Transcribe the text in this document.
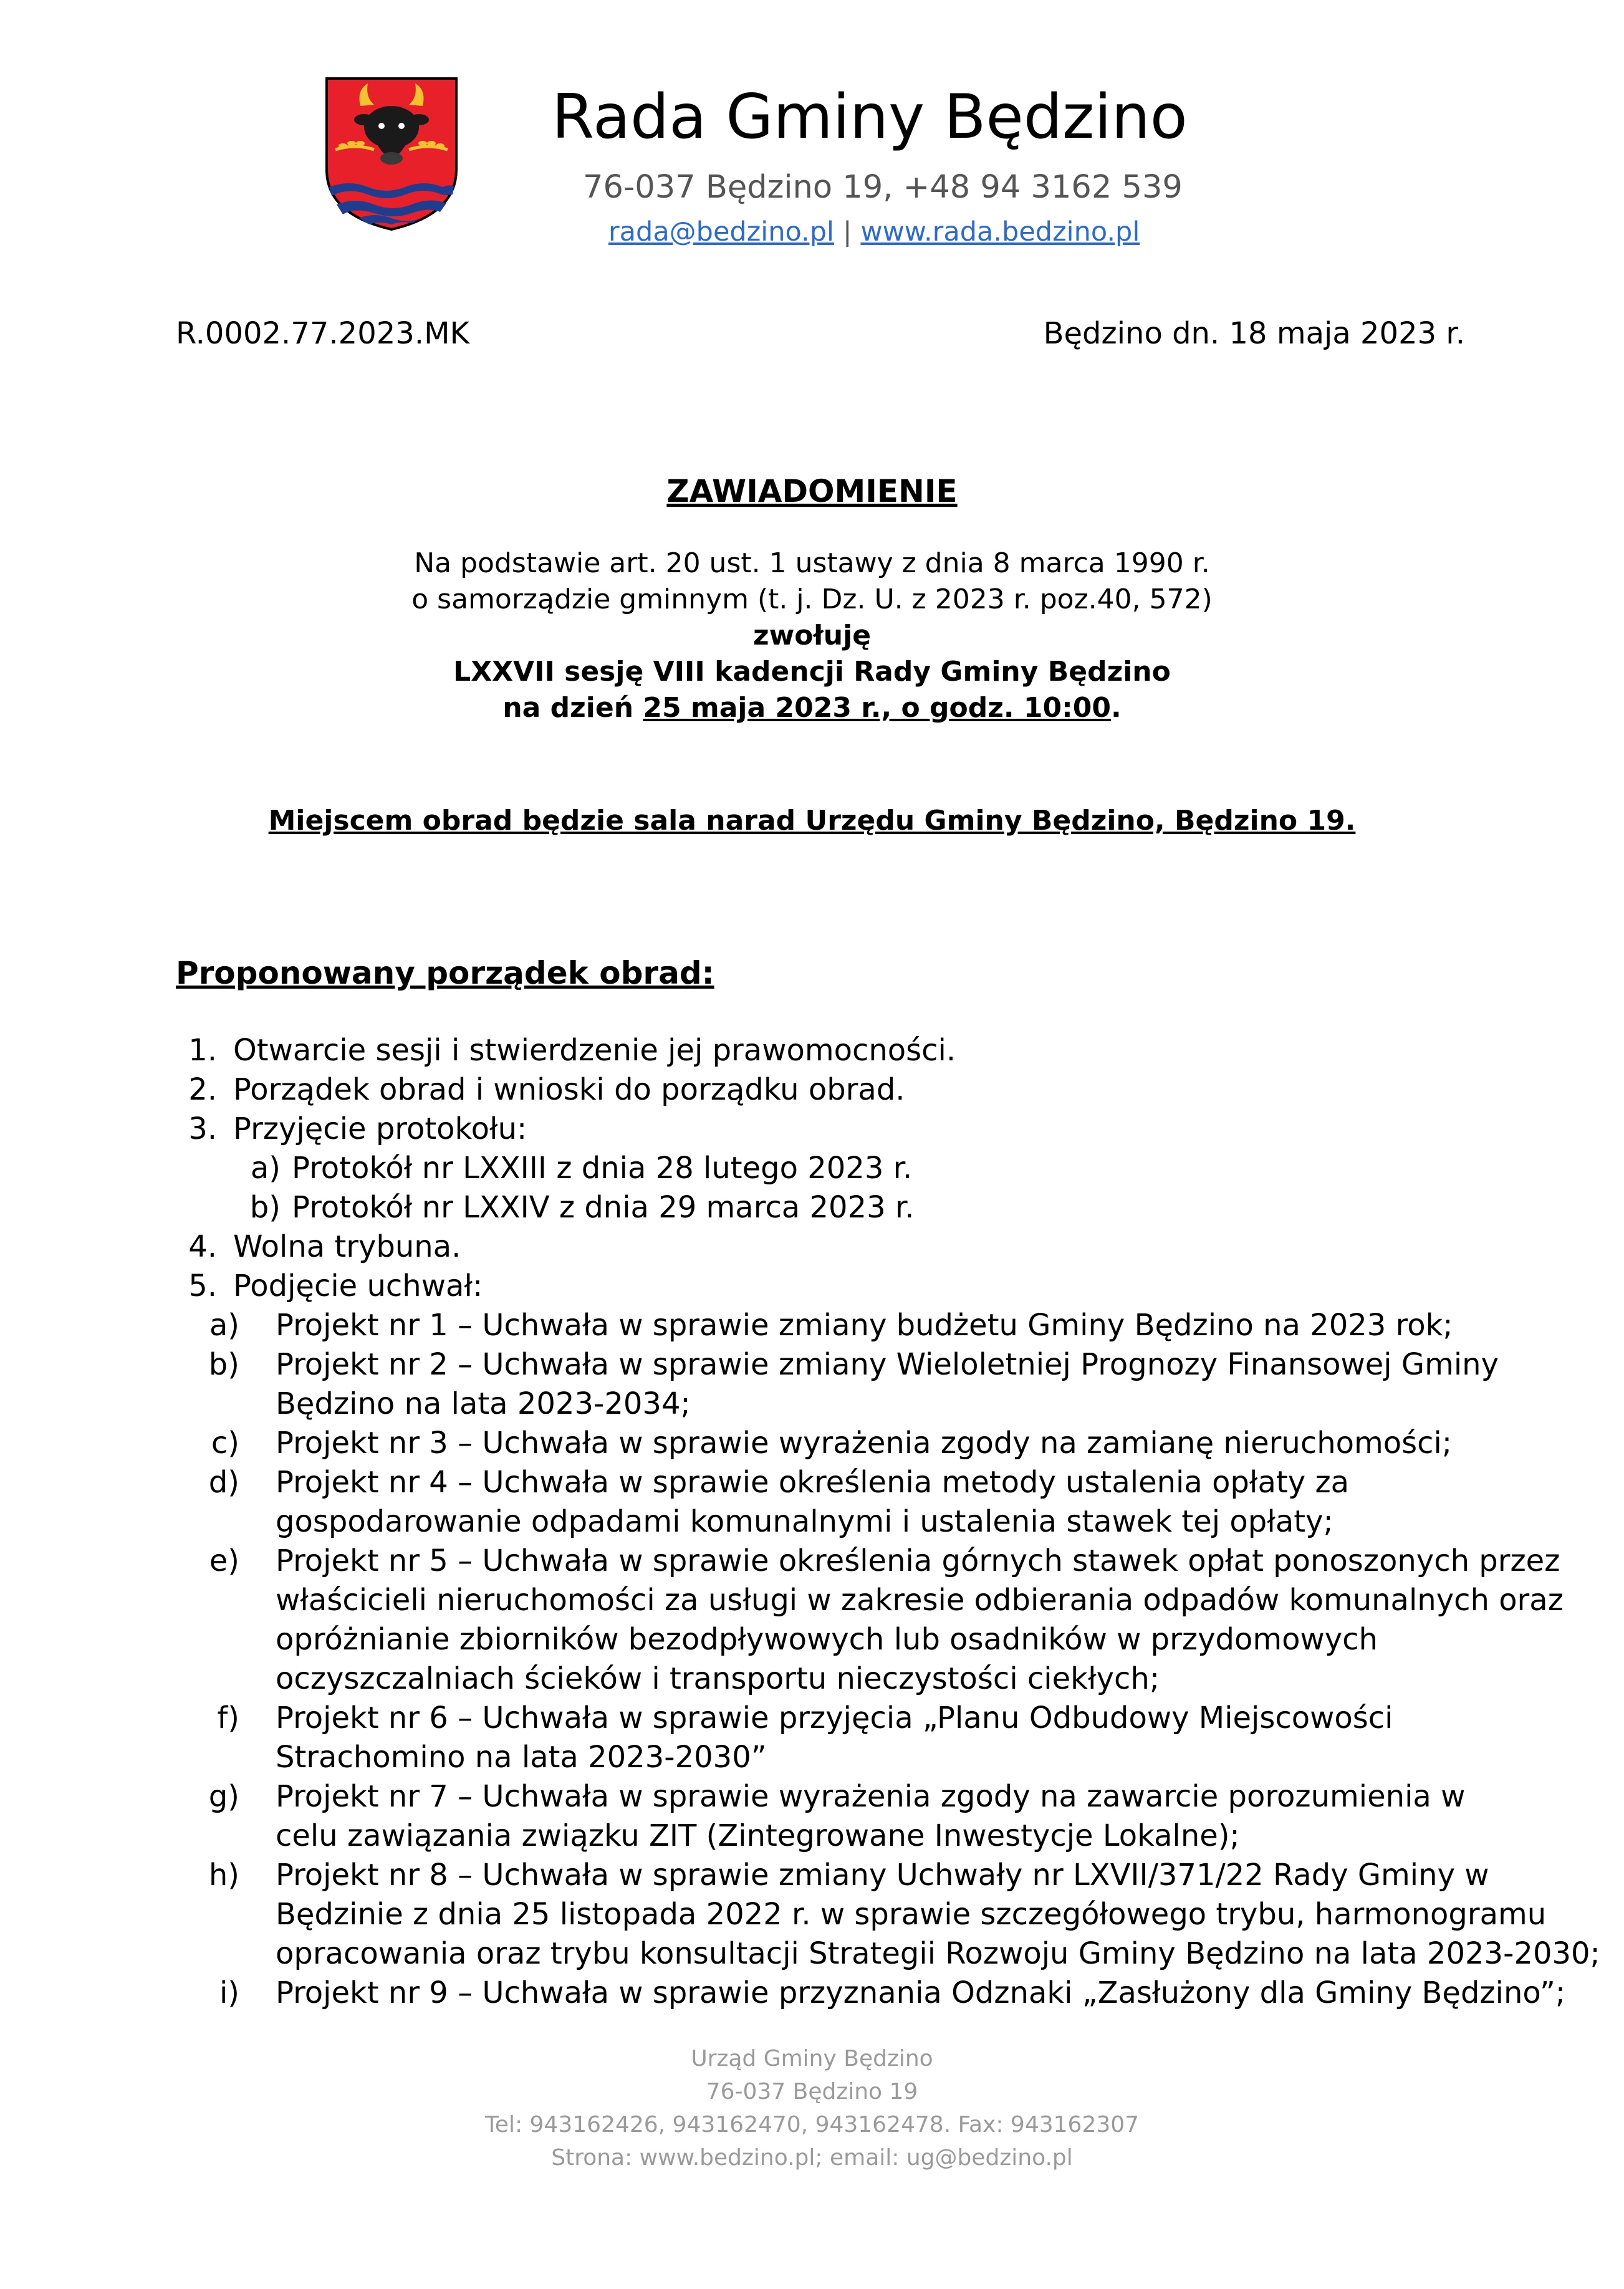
Rada Gminy Będzino
76-037 Będzino 19, +48 94 3162 539
rada@bedzino.pl | www.rada.bedzino.pl
R.0002.77.2023.MK	Będzino dn. 18 maja 2023 r.
ZAWIADOMIENIE
Na podstawie art. 20 ust. 1 ustawy z dnia 8 marca 1990 r.
o samorządzie gminnym (t. j. Dz. U. z 2023 r. poz.40, 572)
zwołuję
LXXVII sesję VIII kadencji Rady Gminy Będzino
na dzień 25 maja 2023 r., o godz. 10:00.
Miejscem obrad będzie sala narad Urzędu Gminy Będzino, Będzino 19.
Proponowany porządek obrad:
1. Otwarcie sesji i stwierdzenie jej prawomocności.
2. Porządek obrad i wnioski do porządku obrad.
3. Przyjęcie protokołu:
a) Protokół nr LXXIII z dnia 28 lutego 2023 r.
b) Protokół nr LXXIV z dnia 29 marca 2023 r.
4. Wolna trybuna.
5. Podjęcie uchwał:
a) Projekt nr 1 – Uchwała w sprawie zmiany budżetu Gminy Będzino na 2023 rok;
b) Projekt nr 2 – Uchwała w sprawie zmiany Wieloletniej Prognozy Finansowej Gminy
Będzino na lata 2023-2034;
c) Projekt nr 3 – Uchwała w sprawie wyrażenia zgody na zamianę nieruchomości;
d) Projekt nr 4 – Uchwała w sprawie określenia metody ustalenia opłaty za
gospodarowanie odpadami komunalnymi i ustalenia stawek tej opłaty;
e) Projekt nr 5 – Uchwała w sprawie określenia górnych stawek opłat ponoszonych przez
właścicieli nieruchomości za usługi w zakresie odbierania odpadów komunalnych oraz
opróżnianie zbiorników bezodpływowych lub osadników w przydomowych
oczyszczalniach ścieków i transportu nieczystości ciekłych;
f) Projekt nr 6 – Uchwała w sprawie przyjęcia „Planu Odbudowy Miejscowości
Strachomino na lata 2023-2030”
g) Projekt nr 7 – Uchwała w sprawie wyrażenia zgody na zawarcie porozumienia w
celu zawiązania związku ZIT (Zintegrowane Inwestycje Lokalne);
h) Projekt nr 8 – Uchwała w sprawie zmiany Uchwały nr LXVII/371/22 Rady Gminy w
Będzinie z dnia 25 listopada 2022 r. w sprawie szczegółowego trybu, harmonogramu
opracowania oraz trybu konsultacji Strategii Rozwoju Gminy Będzino na lata 2023-2030;
i) Projekt nr 9 – Uchwała w sprawie przyznania Odznaki „Zasłużony dla Gminy Będzino”;
Urząd Gminy Będzino
76-037 Będzino 19
Tel: 943162426, 943162470, 943162478. Fax: 943162307
Strona: www.bedzino.pl; email: ug@bedzino.pl
